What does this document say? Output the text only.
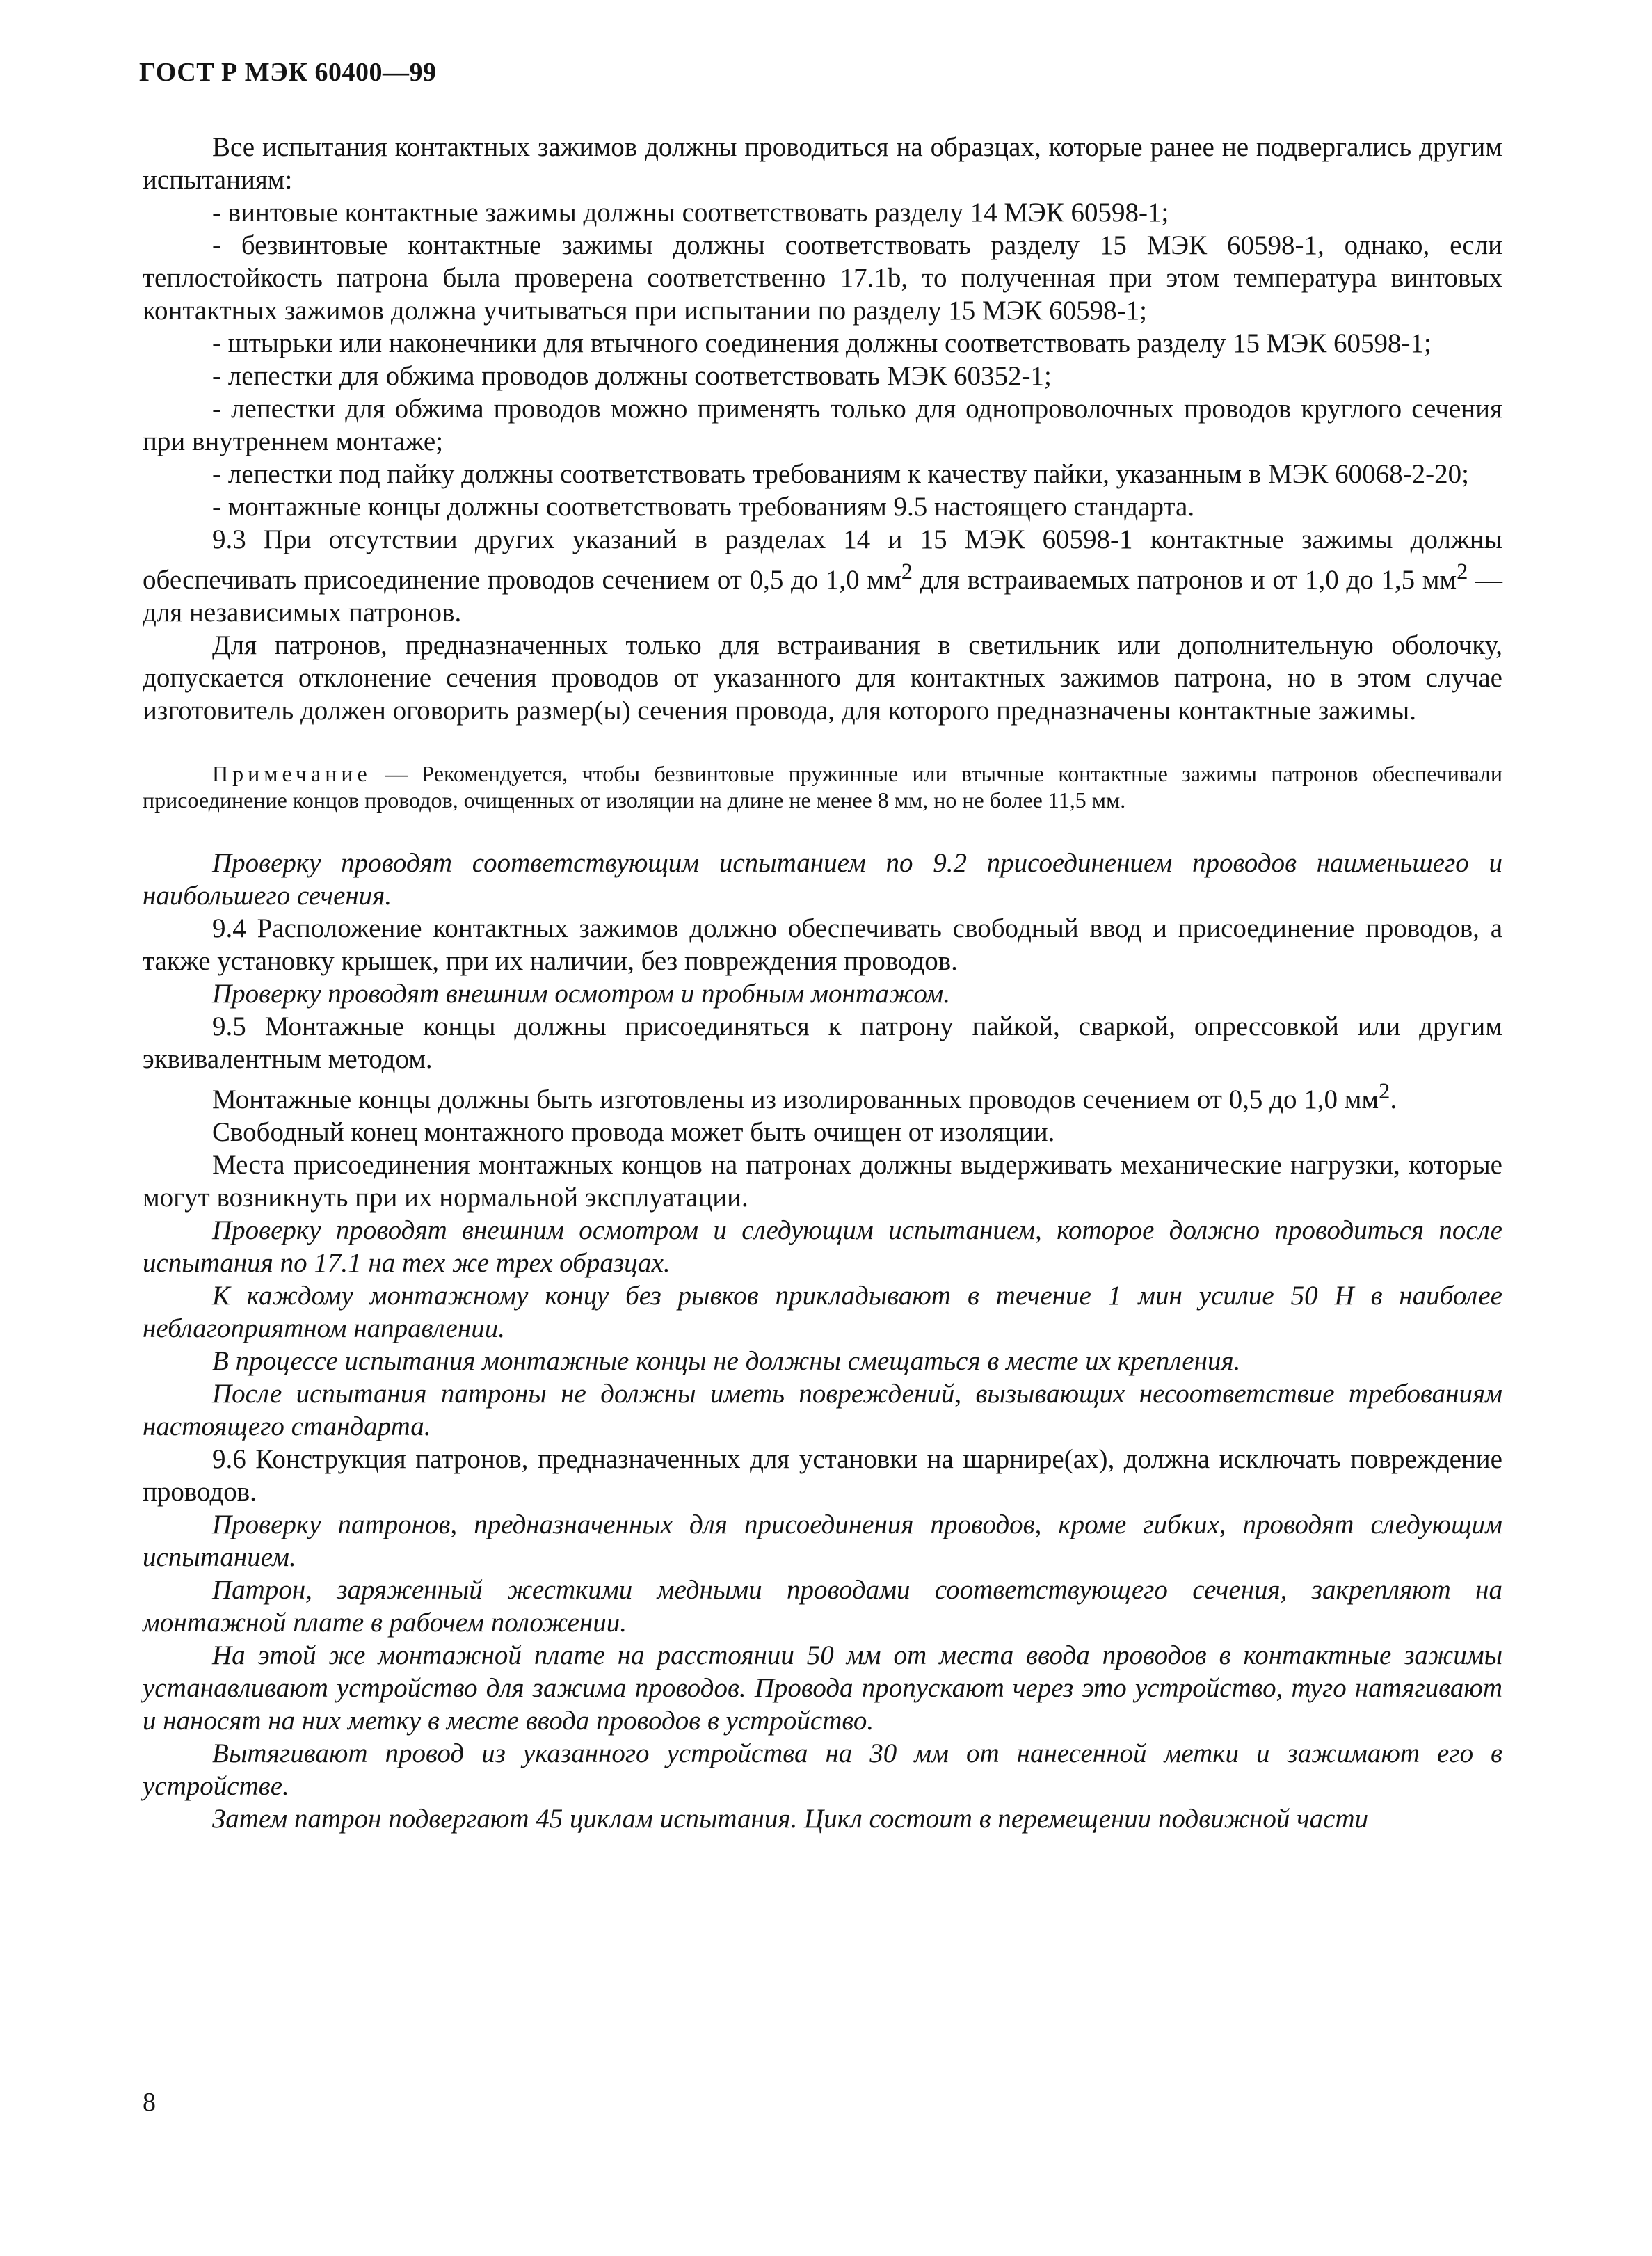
ГОСТ Р МЭК 60400—99

Все испытания контактных зажимов должны проводиться на образцах, которые ранее не подвергались другим испытаниям:

- винтовые контактные зажимы должны соответствовать разделу 14 МЭК 60598-1;

- безвинтовые контактные зажимы должны соответствовать разделу 15 МЭК 60598-1, однако, если теплостойкость патрона была проверена соответственно 17.1b, то полученная при этом температура винтовых контактных зажимов должна учитываться при испытании по разделу 15 МЭК 60598-1;

- штырьки или наконечники для втычного соединения должны соответствовать разделу 15 МЭК 60598-1;

- лепестки для обжима проводов должны соответствовать МЭК 60352-1;

- лепестки для обжима проводов можно применять только для однопроволочных проводов круглого сечения при внутреннем монтаже;

- лепестки под пайку должны соответствовать требованиям к качеству пайки, указанным в МЭК 60068-2-20;

- монтажные концы должны соответствовать требованиям 9.5 настоящего стандарта.

9.3 При отсутствии других указаний в разделах 14 и 15 МЭК 60598-1 контактные зажимы должны обеспечивать присоединение проводов сечением от 0,5 до 1,0 $мм^2$ для встраиваемых патронов и от 1,0 до 1,5 $мм^2$ — для независимых патронов.

Для патронов, предназначенных только для встраивания в светильник или дополнительную оболочку, допускается отклонение сечения проводов от указанного для контактных зажимов патрона, но в этом случае изготовитель должен оговорить размер(ы) сечения провода, для которого предназначены контактные зажимы.

Примечание — Рекомендуется, чтобы безвинтовые пружинные или втычные контактные зажимы патронов обеспечивали присоединение концов проводов, очищенных от изоляции на длине не менее 8 мм, но не более 11,5 мм.

Проверку проводят соответствующим испытанием по 9.2 присоединением проводов наименьшего и наибольшего сечения.

9.4 Расположение контактных зажимов должно обеспечивать свободный ввод и присоединение проводов, а также установку крышек, при их наличии, без повреждения проводов.

Проверку проводят внешним осмотром и пробным монтажом.

9.5 Монтажные концы должны присоединяться к патрону пайкой, сваркой, опрессовкой или другим эквивалентным методом.

Монтажные концы должны быть изготовлены из изолированных проводов сечением от 0,5 до 1,0 $мм^2$.

Свободный конец монтажного провода может быть очищен от изоляции.

Места присоединения монтажных концов на патронах должны выдерживать механические нагрузки, которые могут возникнуть при их нормальной эксплуатации.

Проверку проводят внешним осмотром и следующим испытанием, которое должно проводиться после испытания по 17.1 на тех же трех образцах.

К каждому монтажному концу без рывков прикладывают в течение 1 мин усилие 50 Н в наиболее неблагоприятном направлении.

В процессе испытания монтажные концы не должны смещаться в месте их крепления.

После испытания патроны не должны иметь повреждений, вызывающих несоответствие требованиям настоящего стандарта.

9.6 Конструкция патронов, предназначенных для установки на шарнире(ах), должна исключать повреждение проводов.

Проверку патронов, предназначенных для присоединения проводов, кроме гибких, проводят следующим испытанием.

Патрон, заряженный жесткими медными проводами соответствующего сечения, закрепляют на монтажной плате в рабочем положении.

На этой же монтажной плате на расстоянии 50 мм от места ввода проводов в контактные зажимы устанавливают устройство для зажима проводов. Провода пропускают через это устройство, туго натягивают и наносят на них метку в месте ввода проводов в устройство.

Вытягивают провод из указанного устройства на 30 мм от нанесенной метки и зажимают его в устройстве.

Затем патрон подвергают 45 циклам испытания. Цикл состоит в перемещении подвижной части

8
